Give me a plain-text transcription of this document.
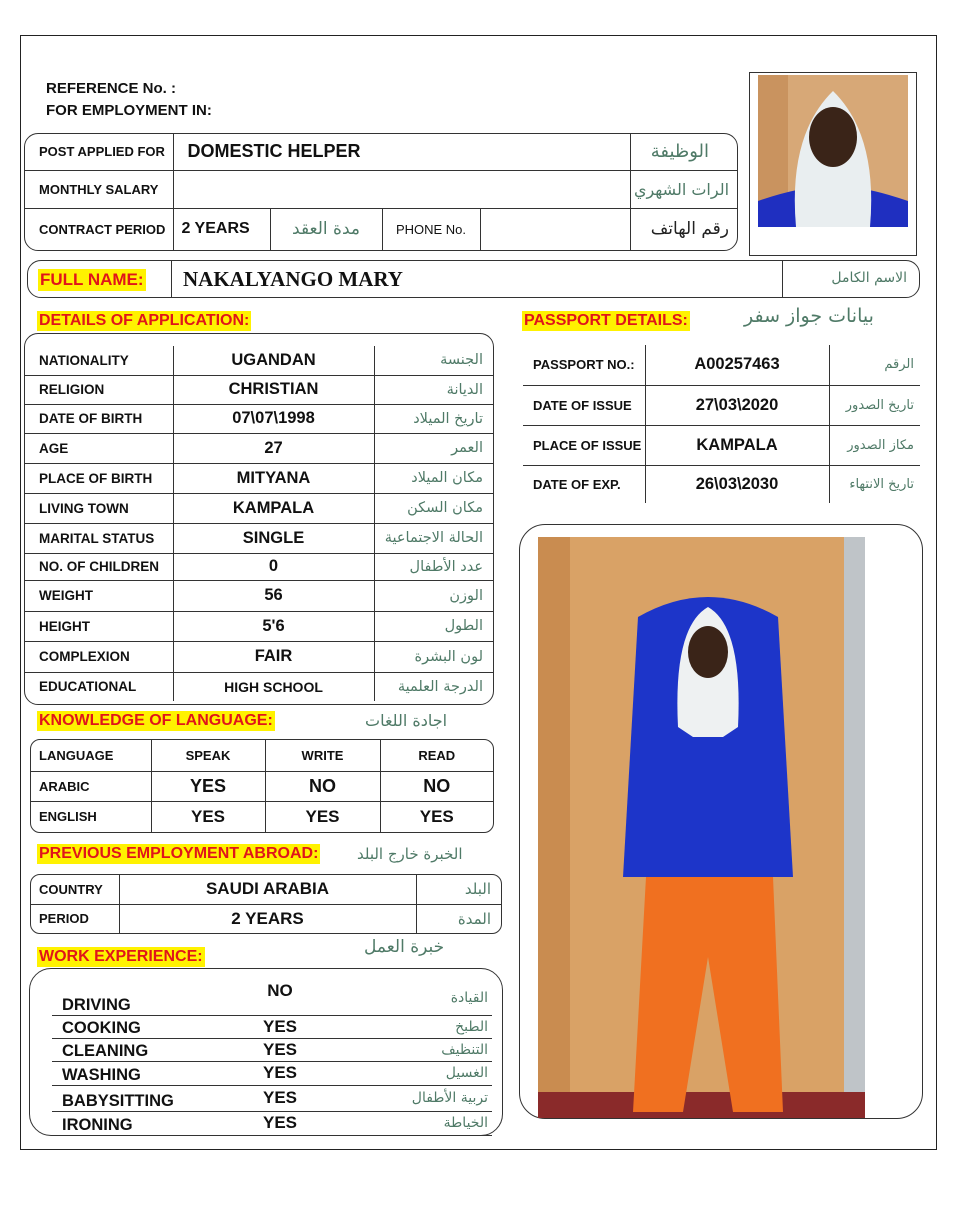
REFERENCE No. :
FOR EMPLOYMENT IN:
POST APPLIED FOR	DOMESTIC HELPER				الوظيفة
MONTHLY SALARY					الرات الشهري
CONTRACT PERIOD	2 YEARS	مدة العقد	PHONE No.		رقم الهاتف
FULL NAME: NAKALYANGO MARY	الاسم الكامل
DETAILS OF APPLICATION:
NATIONALITY	UGANDAN	الجنسة
RELIGION	CHRISTIAN	الديانة
DATE OF BIRTH	07\07\1998	تاريخ الميلاد
AGE	27	العمر
PLACE OF BIRTH	MITYANA	مكان الميلاد
LIVING TOWN	KAMPALA	مكان السكن
MARITAL STATUS	SINGLE	الحالة الاجتماعية
NO. OF CHILDREN	0	عدد الأطفال
WEIGHT	56	الوزن
HEIGHT	5'6	الطول
COMPLEXION	FAIR	لون البشرة
EDUCATIONAL	HIGH SCHOOL	الدرجة العلمية
PASSPORT DETAILS:	بيانات جواز سفر
PASSPORT NO.:	A00257463	الرقم
DATE OF ISSUE	27\03\2020	تاريخ الصدور
PLACE OF ISSUE	KAMPALA	مكاز الصدور
DATE OF EXP.	26\03\2030	تاريخ الانتهاء
KNOWLEDGE OF LANGUAGE:	اجادة اللغات
LANGUAGE	SPEAK	WRITE	READ
ARABIC	YES	NO	NO
ENGLISH	YES	YES	YES
PREVIOUS EMPLOYMENT ABROAD:	الخبرة خارج البلد
COUNTRY	SAUDI ARABIA	البلد
PERIOD	2 YEARS	المدة
WORK EXPERIENCE:	خبرة العمل
DRIVING	NO	القيادة
COOKING	YES	الطبخ
CLEANING	YES	التنظيف
WASHING	YES	الغسيل
BABYSITTING	YES	تربية الأطفال
IRONING	YES	الخياطة
